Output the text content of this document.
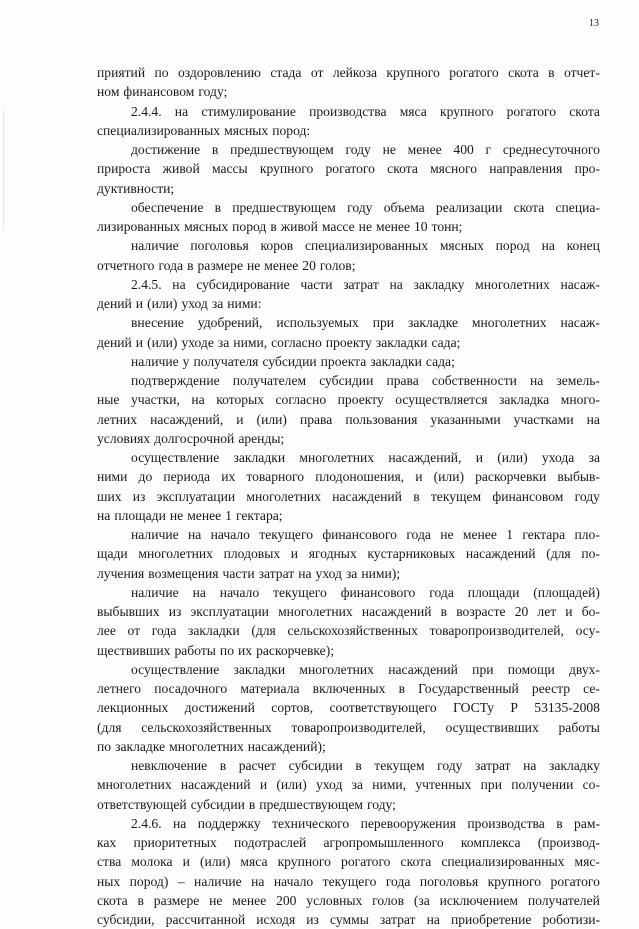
13
приятий по оздоровлению стада от лейкоза крупного рогатого скота в отчет-
ном финансовом году;
2.4.4. на стимулирование производства мяса крупного рогатого скота
специализированных мясных пород:
достижение в предшествующем году не менее 400 г среднесуточного
прироста живой массы крупного рогатого скота мясного направления про-
дуктивности;
обеспечение в предшествующем году объема реализации скота специа-
лизированных мясных пород в живой массе не менее 10 тонн;
наличие поголовья коров специализированных мясных пород на конец
отчетного года в размере не менее 20 голов;
2.4.5. на субсидирование части затрат на закладку многолетних насаж-
дений и (или) уход за ними:
внесение удобрений, используемых при закладке многолетних насаж-
дений и (или) уходе за ними, согласно проекту закладки сада;
наличие у получателя субсидии проекта закладки сада;
подтверждение получателем субсидии права собственности на земель-
ные участки, на которых согласно проекту осуществляется закладка много-
летних насаждений, и (или) права пользования указанными участками на
условиях долгосрочной аренды;
осуществление закладки многолетних насаждений, и (или) ухода за
ними до периода их товарного плодоношения, и (или) раскорчевки выбыв-
ших из эксплуатации многолетних насаждений в текущем финансовом году
на площади не менее 1 гектара;
наличие на начало текущего финансового года не менее 1 гектара пло-
щади многолетних плодовых и ягодных кустарниковых насаждений (для по-
лучения возмещения части затрат на уход за ними);
наличие на начало текущего финансового года площади (площадей)
выбывших из эксплуатации многолетних насаждений в возрасте 20 лет и бо-
лее от года закладки (для сельскохозяйственных товаропроизводителей, осу-
ществивших работы по их раскорчевке);
осуществление закладки многолетних насаждений при помощи двух-
летнего посадочного материала включенных в Государственный реестр се-
лекционных достижений сортов, соответствующего ГОСТу Р 53135-2008
(для сельскохозяйственных товаропроизводителей, осуществивших работы
по закладке многолетних насаждений);
невключение в расчет субсидии в текущем году затрат на закладку
многолетних насаждений и (или) уход за ними, учтенных при получении со-
ответствующей субсидии в предшествующем году;
2.4.6. на поддержку технического перевооружения производства в рам-
ках приоритетных подотраслей агропромышленного комплекса (производ-
ства молока и (или) мяса крупного рогатого скота специализированных мяс-
ных пород) – наличие на начало текущего года поголовья крупного рогатого
скота в размере не менее 200 условных голов (за исключением получателей
субсидии, рассчитанной исходя из суммы затрат на приобретение роботизи-
